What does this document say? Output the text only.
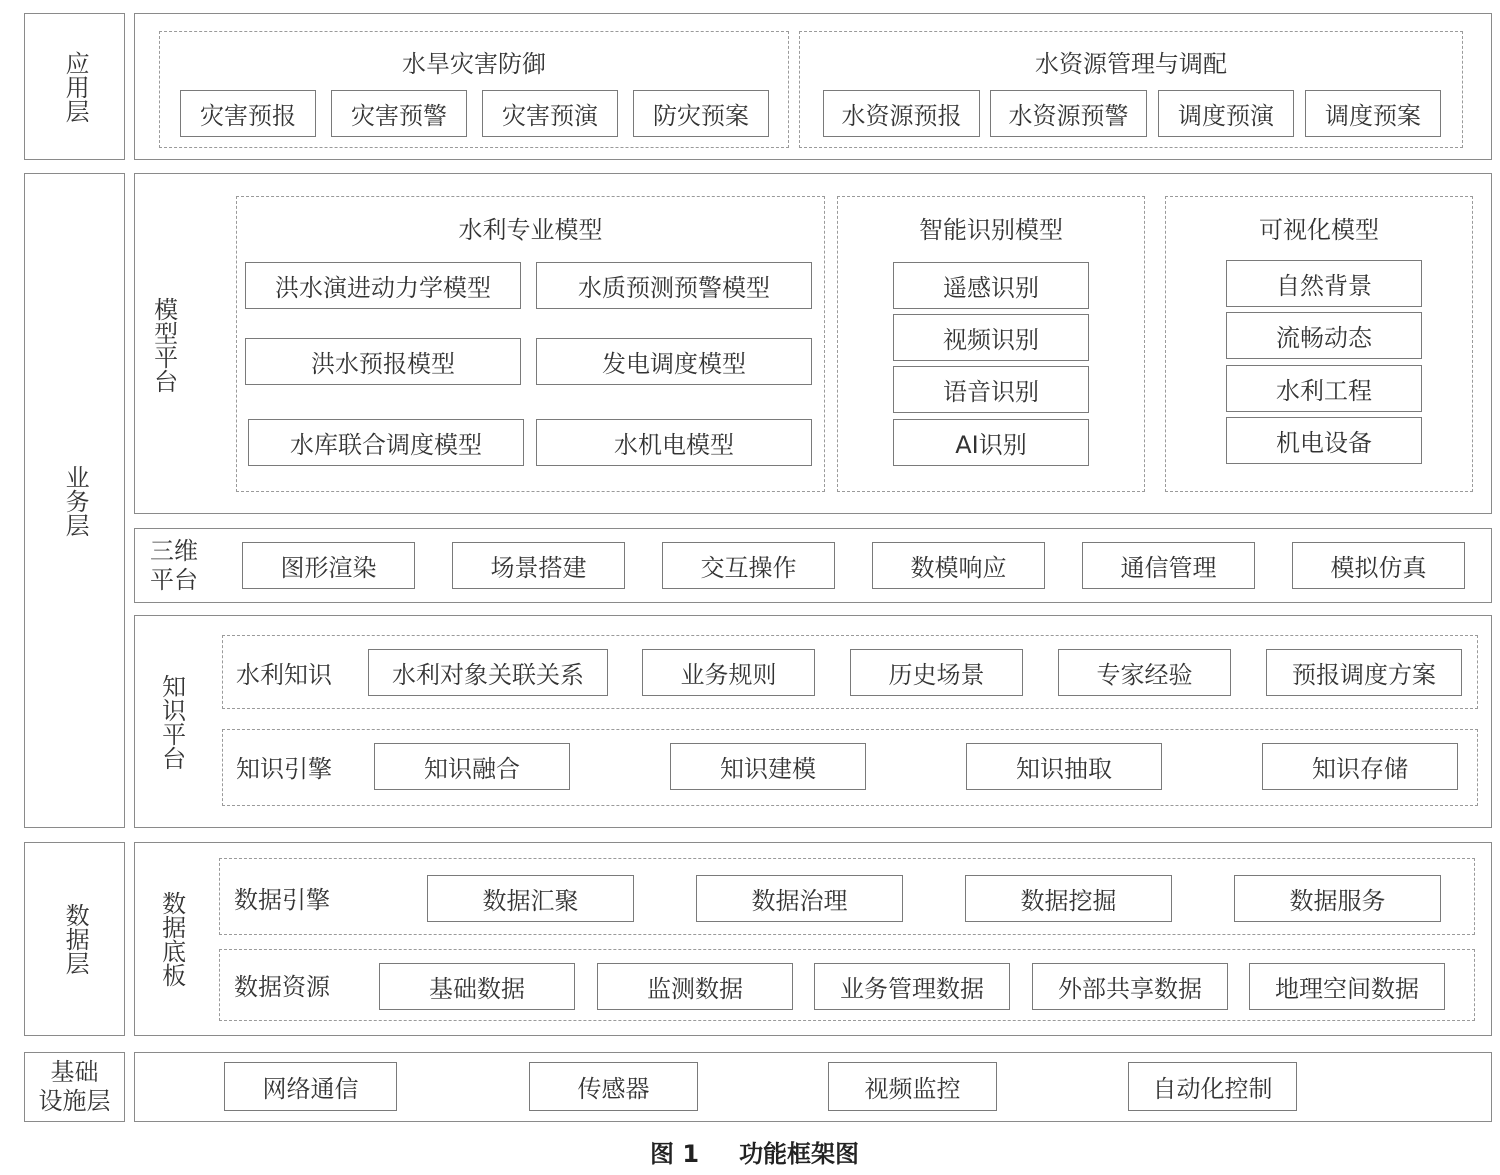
应用层
业务层
数据层
基础
设施层
水旱灾害防御
灾害预报	灾害预警	灾害预演	防灾预案
水资源管理与调配
水资源预报	水资源预警	调度预演	调度预案
模型平台
水利专业模型
洪水演进动力学模型	水质预测预警模型
洪水预报模型	发电调度模型
水库联合调度模型	水机电模型
智能识别模型
遥感识别
视频识别
语音识别
AI识别
可视化模型
自然背景
流畅动态
水利工程
机电设备
三维
平台	图形渲染	场景搭建	交互操作	数模响应	通信管理	模拟仿真
知识平台 水利知识	水利对象关联关系	业务规则	历史场景	专家经验	预报调度方案
知识引擎	知识融合	知识建模	知识抽取	知识存储
数据底板 数据引擎	数据汇聚	数据治理	数据挖掘	数据服务
数据资源	基础数据	监测数据	业务管理数据	外部共享数据	地理空间数据
网络通信	传感器	视频监控	自动化控制
图 1 功能框架图
